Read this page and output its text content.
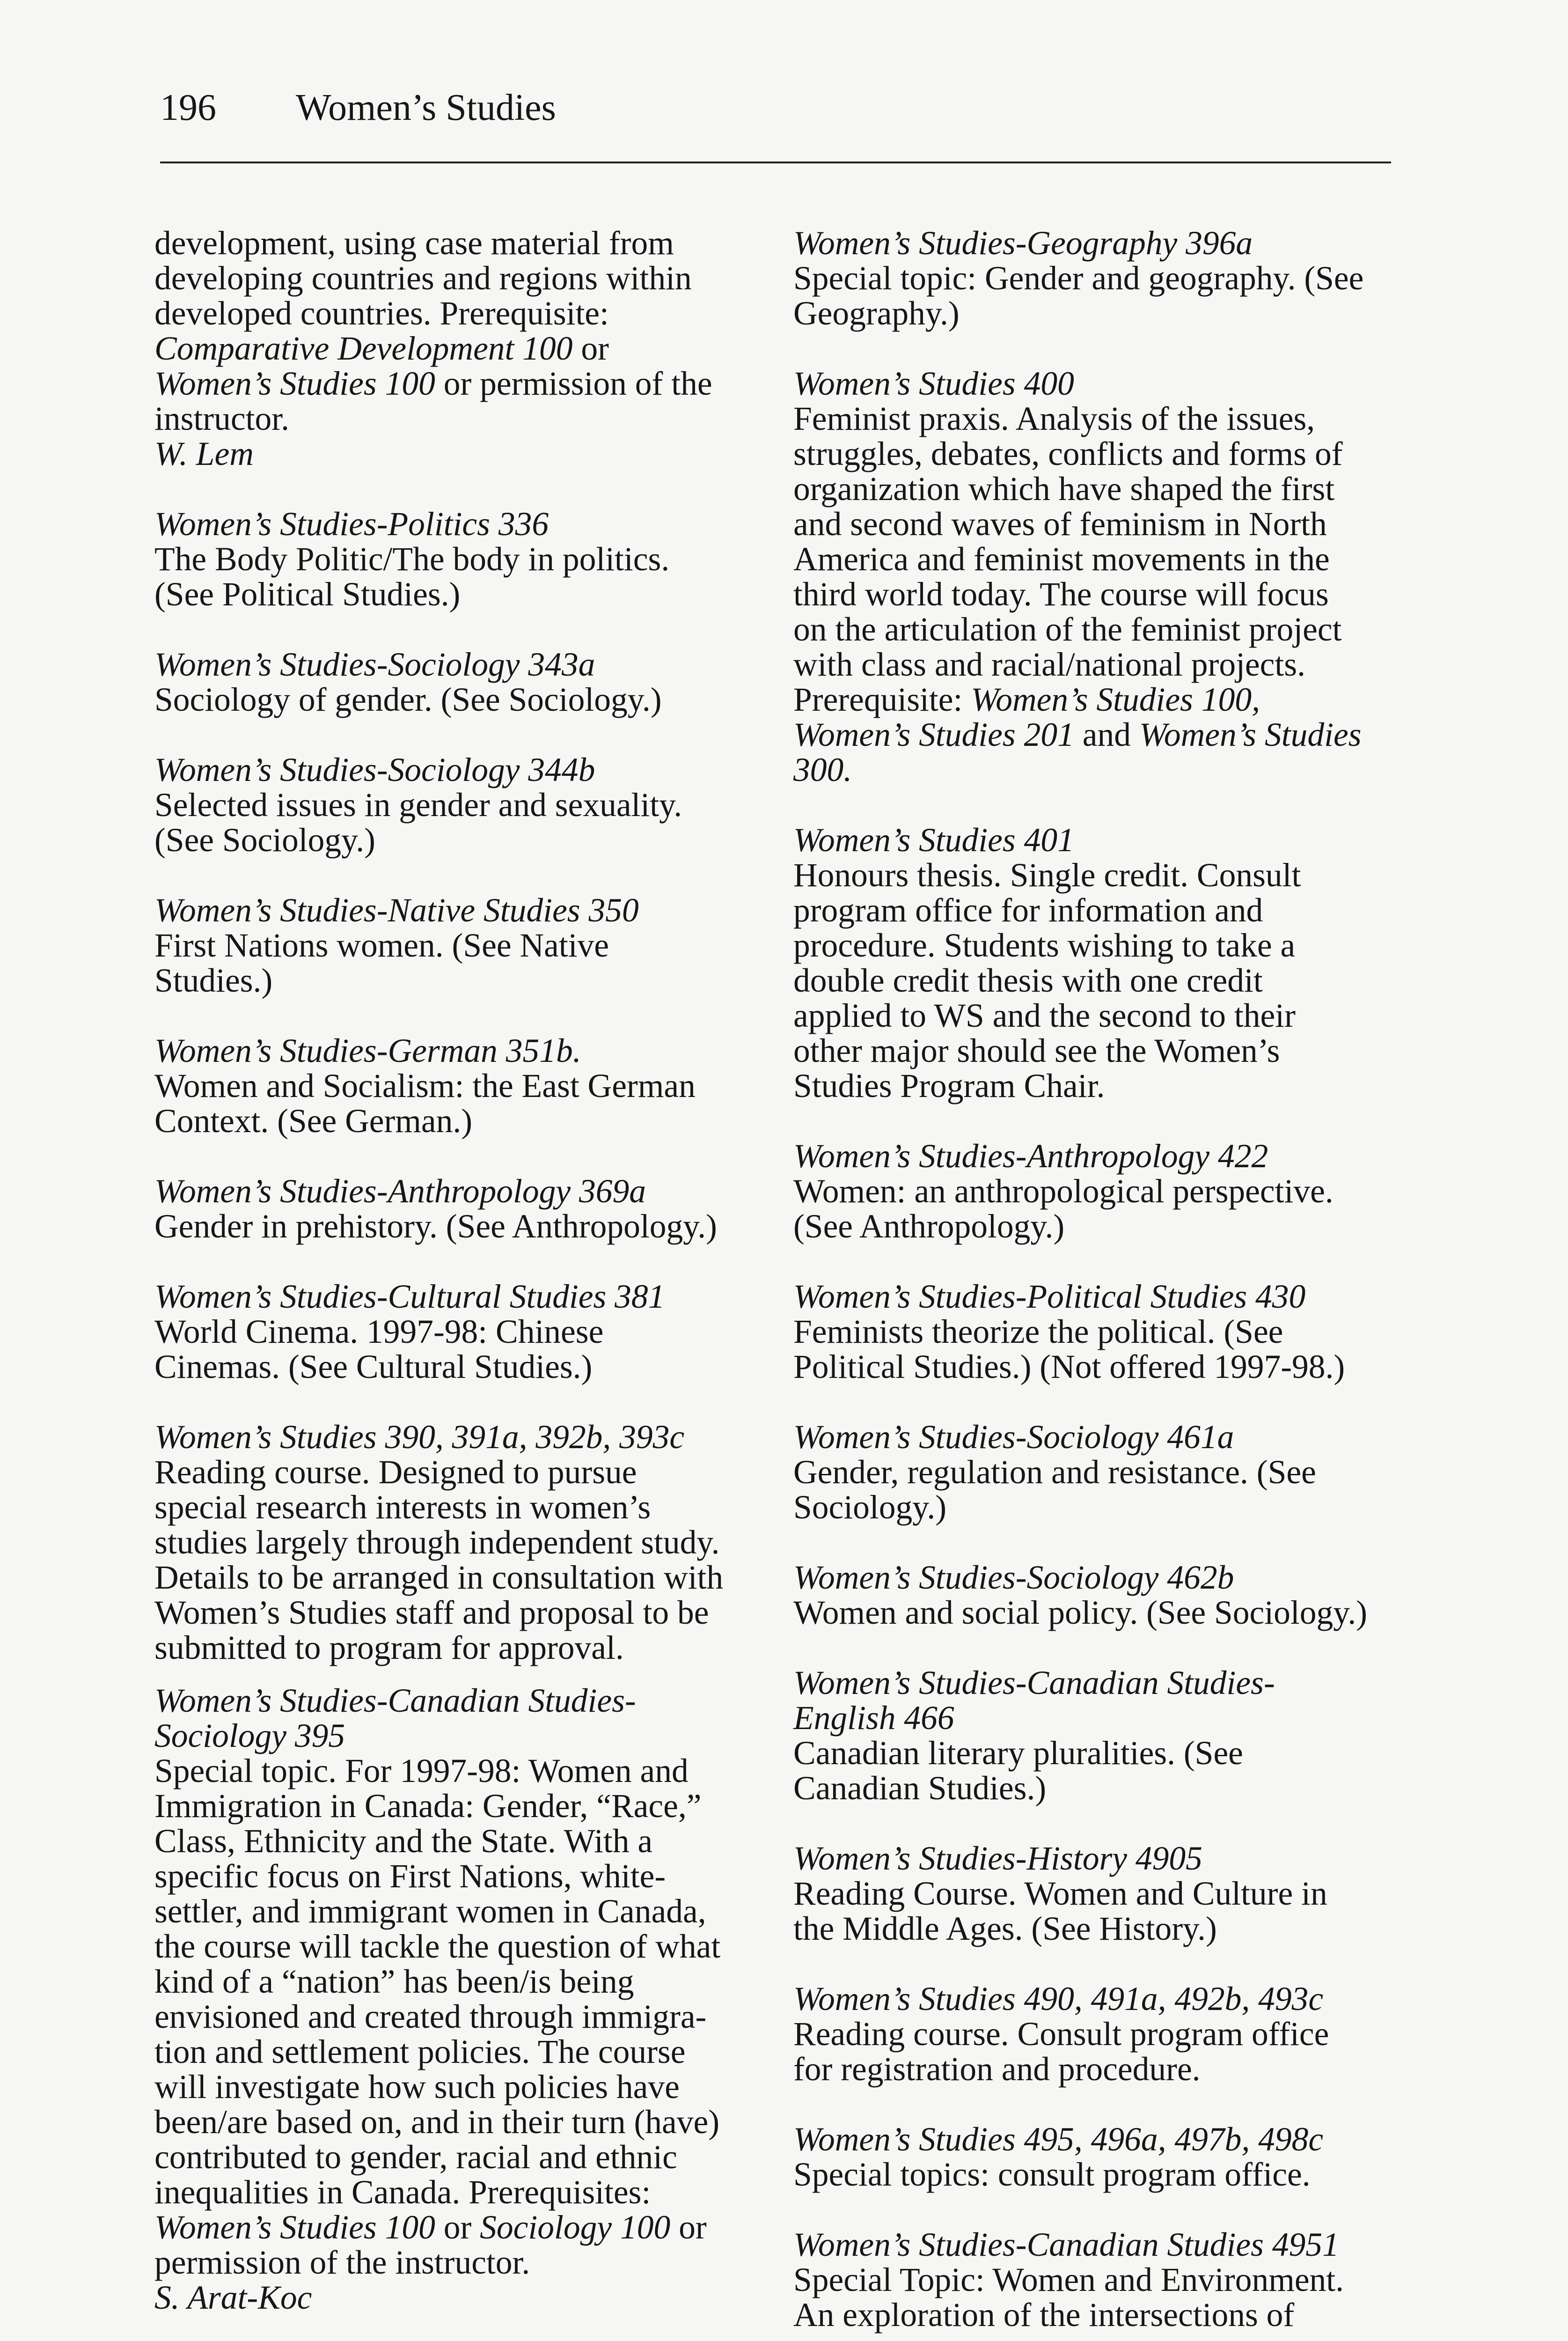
196 Women’s Studies
development, using case material from
developing countries and regions within
developed countries. Prerequisite:
Comparative Development 100 or
Women’s Studies 100 or permission of the
instructor.
W. Lem
Women’s Studies-Politics 336
The Body Politic/The body in politics.
(See Political Studies.)
Women’s Studies-Sociology 343a
Sociology of gender. (See Sociology.)
Women’s Studies-Sociology 344b
Selected issues in gender and sexuality.
(See Sociology.)
Women’s Studies-Native Studies 350
First Nations women. (See Native
Studies.)
Women’s Studies-German 351b.
Women and Socialism: the East German
Context. (See German.)
Women’s Studies-Anthropology 369a
Gender in prehistory. (See Anthropology.)
Women’s Studies-Cultural Studies 381
World Cinema. 1997-98: Chinese
Cinemas. (See Cultural Studies.)
Women’s Studies 390, 391a, 392b, 393c
Reading course. Designed to pursue
special research interests in women’s
studies largely through independent study.
Details to be arranged in consultation with
Women’s Studies staff and proposal to be
submitted to program for approval.
Women’s Studies-Canadian Studies-
Sociology 395
Special topic. For 1997-98: Women and
Immigration in Canada: Gender, “Race,”
Class, Ethnicity and the State. With a
specific focus on First Nations, white-
settler, and immigrant women in Canada,
the course will tackle the question of what
kind of a “nation” has been/is being
envisioned and created through immigra-
tion and settlement policies. The course
will investigate how such policies have
been/are based on, and in their turn (have)
contributed to gender, racial and ethnic
inequalities in Canada. Prerequisites:
Women’s Studies 100 or Sociology 100 or
permission of the instructor.
S. Arat-Koc
Women’s Studies-Geography 396a
Special topic: Gender and geography. (See
Geography.)
Women’s Studies 400
Feminist praxis. Analysis of the issues,
struggles, debates, conflicts and forms of
organization which have shaped the first
and second waves of feminism in North
America and feminist movements in the
third world today. The course will focus
on the articulation of the feminist project
with class and racial/national projects.
Prerequisite: Women’s Studies 100,
Women’s Studies 201 and Women’s Studies
300.
Women’s Studies 401
Honours thesis. Single credit. Consult
program office for information and
procedure. Students wishing to take a
double credit thesis with one credit
applied to WS and the second to their
other major should see the Women’s
Studies Program Chair.
Women’s Studies-Anthropology 422
Women: an anthropological perspective.
(See Anthropology.)
Women’s Studies-Political Studies 430
Feminists theorize the political. (See
Political Studies.) (Not offered 1997-98.)
Women’s Studies-Sociology 461a
Gender, regulation and resistance. (See
Sociology.)
Women’s Studies-Sociology 462b
Women and social policy. (See Sociology.)
Women’s Studies-Canadian Studies-
English 466
Canadian literary pluralities. (See
Canadian Studies.)
Women’s Studies-History 4905
Reading Course. Women and Culture in
the Middle Ages. (See History.)
Women’s Studies 490, 491a, 492b, 493c
Reading course. Consult program office
for registration and procedure.
Women’s Studies 495, 496a, 497b, 498c
Special topics: consult program office.
Women’s Studies-Canadian Studies 4951
Special Topic: Women and Environment.
An exploration of the intersections of
